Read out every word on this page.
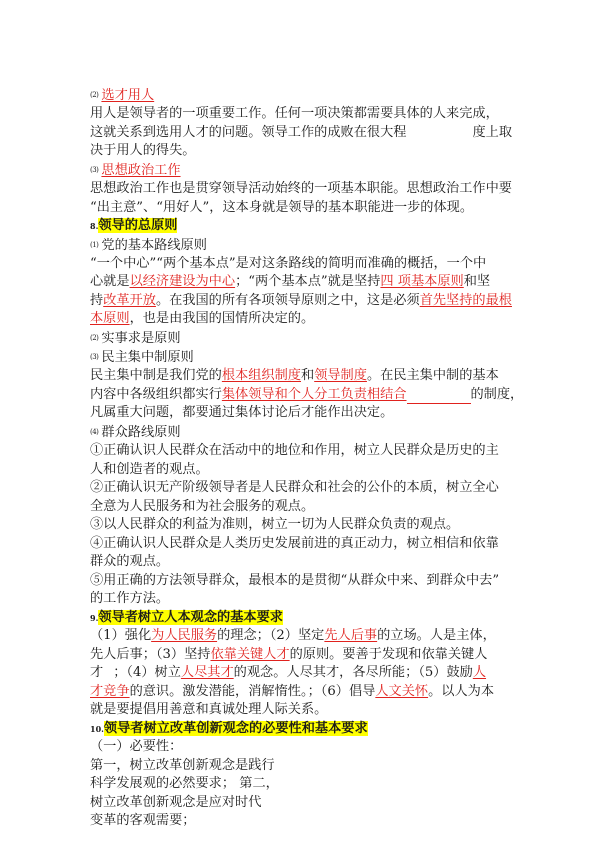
(2) 选才用人
用人是领导者的一项重要工作。任何一项决策都需要具体的人来完成，
这就关系到选用人才的问题。领导工作的成败在很大程	度上取
决于用人的得失。
(3) 思想政治工作
思想政治工作也是贯穿领导活动始终的一项基本职能。思想政治工作中要
“出主意”、“用好人”，这本身就是领导的基本职能进一步的体现。
8.领导的总原则
(1) 党的基本路线原则
“一个中心”“两个基本点”是对这条路线的简明而准确的概括，一个中
心就是以经济建设为中心；“两个基本点”就是坚持四 项基本原则和坚
持改革开放。在我国的所有各项领导原则之中，这是必须首先坚持的最根
本原则，也是由我国的国情所决定的。
(2) 实事求是原则
(3) 民主集中制原则
民主集中制是我们党的根本组织制度和领导制度。在民主集中制的基本
内容中各级组织都实行集体领导和个人分工负责相结合	的制度，
凡属重大问题，都要通过集体讨论后才能作出决定。
(4) 群众路线原则
①正确认识人民群众在活动中的地位和作用，树立人民群众是历史的主
人和创造者的观点。
②正确认识无产阶级领导者是人民群众和社会的公仆的本质，树立全心
全意为人民服务和为社会服务的观点。
③以人民群众的利益为准则，树立一切为人民群众负责的观点。
④正确认识人民群众是人类历史发展前进的真正动力，树立相信和依靠
群众的观点。
⑤用正确的方法领导群众，最根本的是贯彻“从群众中来、到群众中去”
的工作方法。
9.领导者树立人本观念的基本要求
（1）强化为人民服务的理念；（2）坚定先人后事的立场。人是主体，
先人后事；（3）坚持依靠关键人才的原则。要善于发现和依靠关键人
才 ；（4）树立人尽其才的观念。人尽其才，各尽所能；（5）鼓励人
才竞争的意识。激发潜能，消解惰性。；（6）倡导人文关怀。以人为本
就是要提倡用善意和真诚处理人际关系。
10.领导者树立改革创新观念的必要性和基本要求
（一）必要性：
第一，树立改革创新观念是践行
科学发展观的必然要求； 第二，
树立改革创新观念是应对时代
变革的客观需要；
